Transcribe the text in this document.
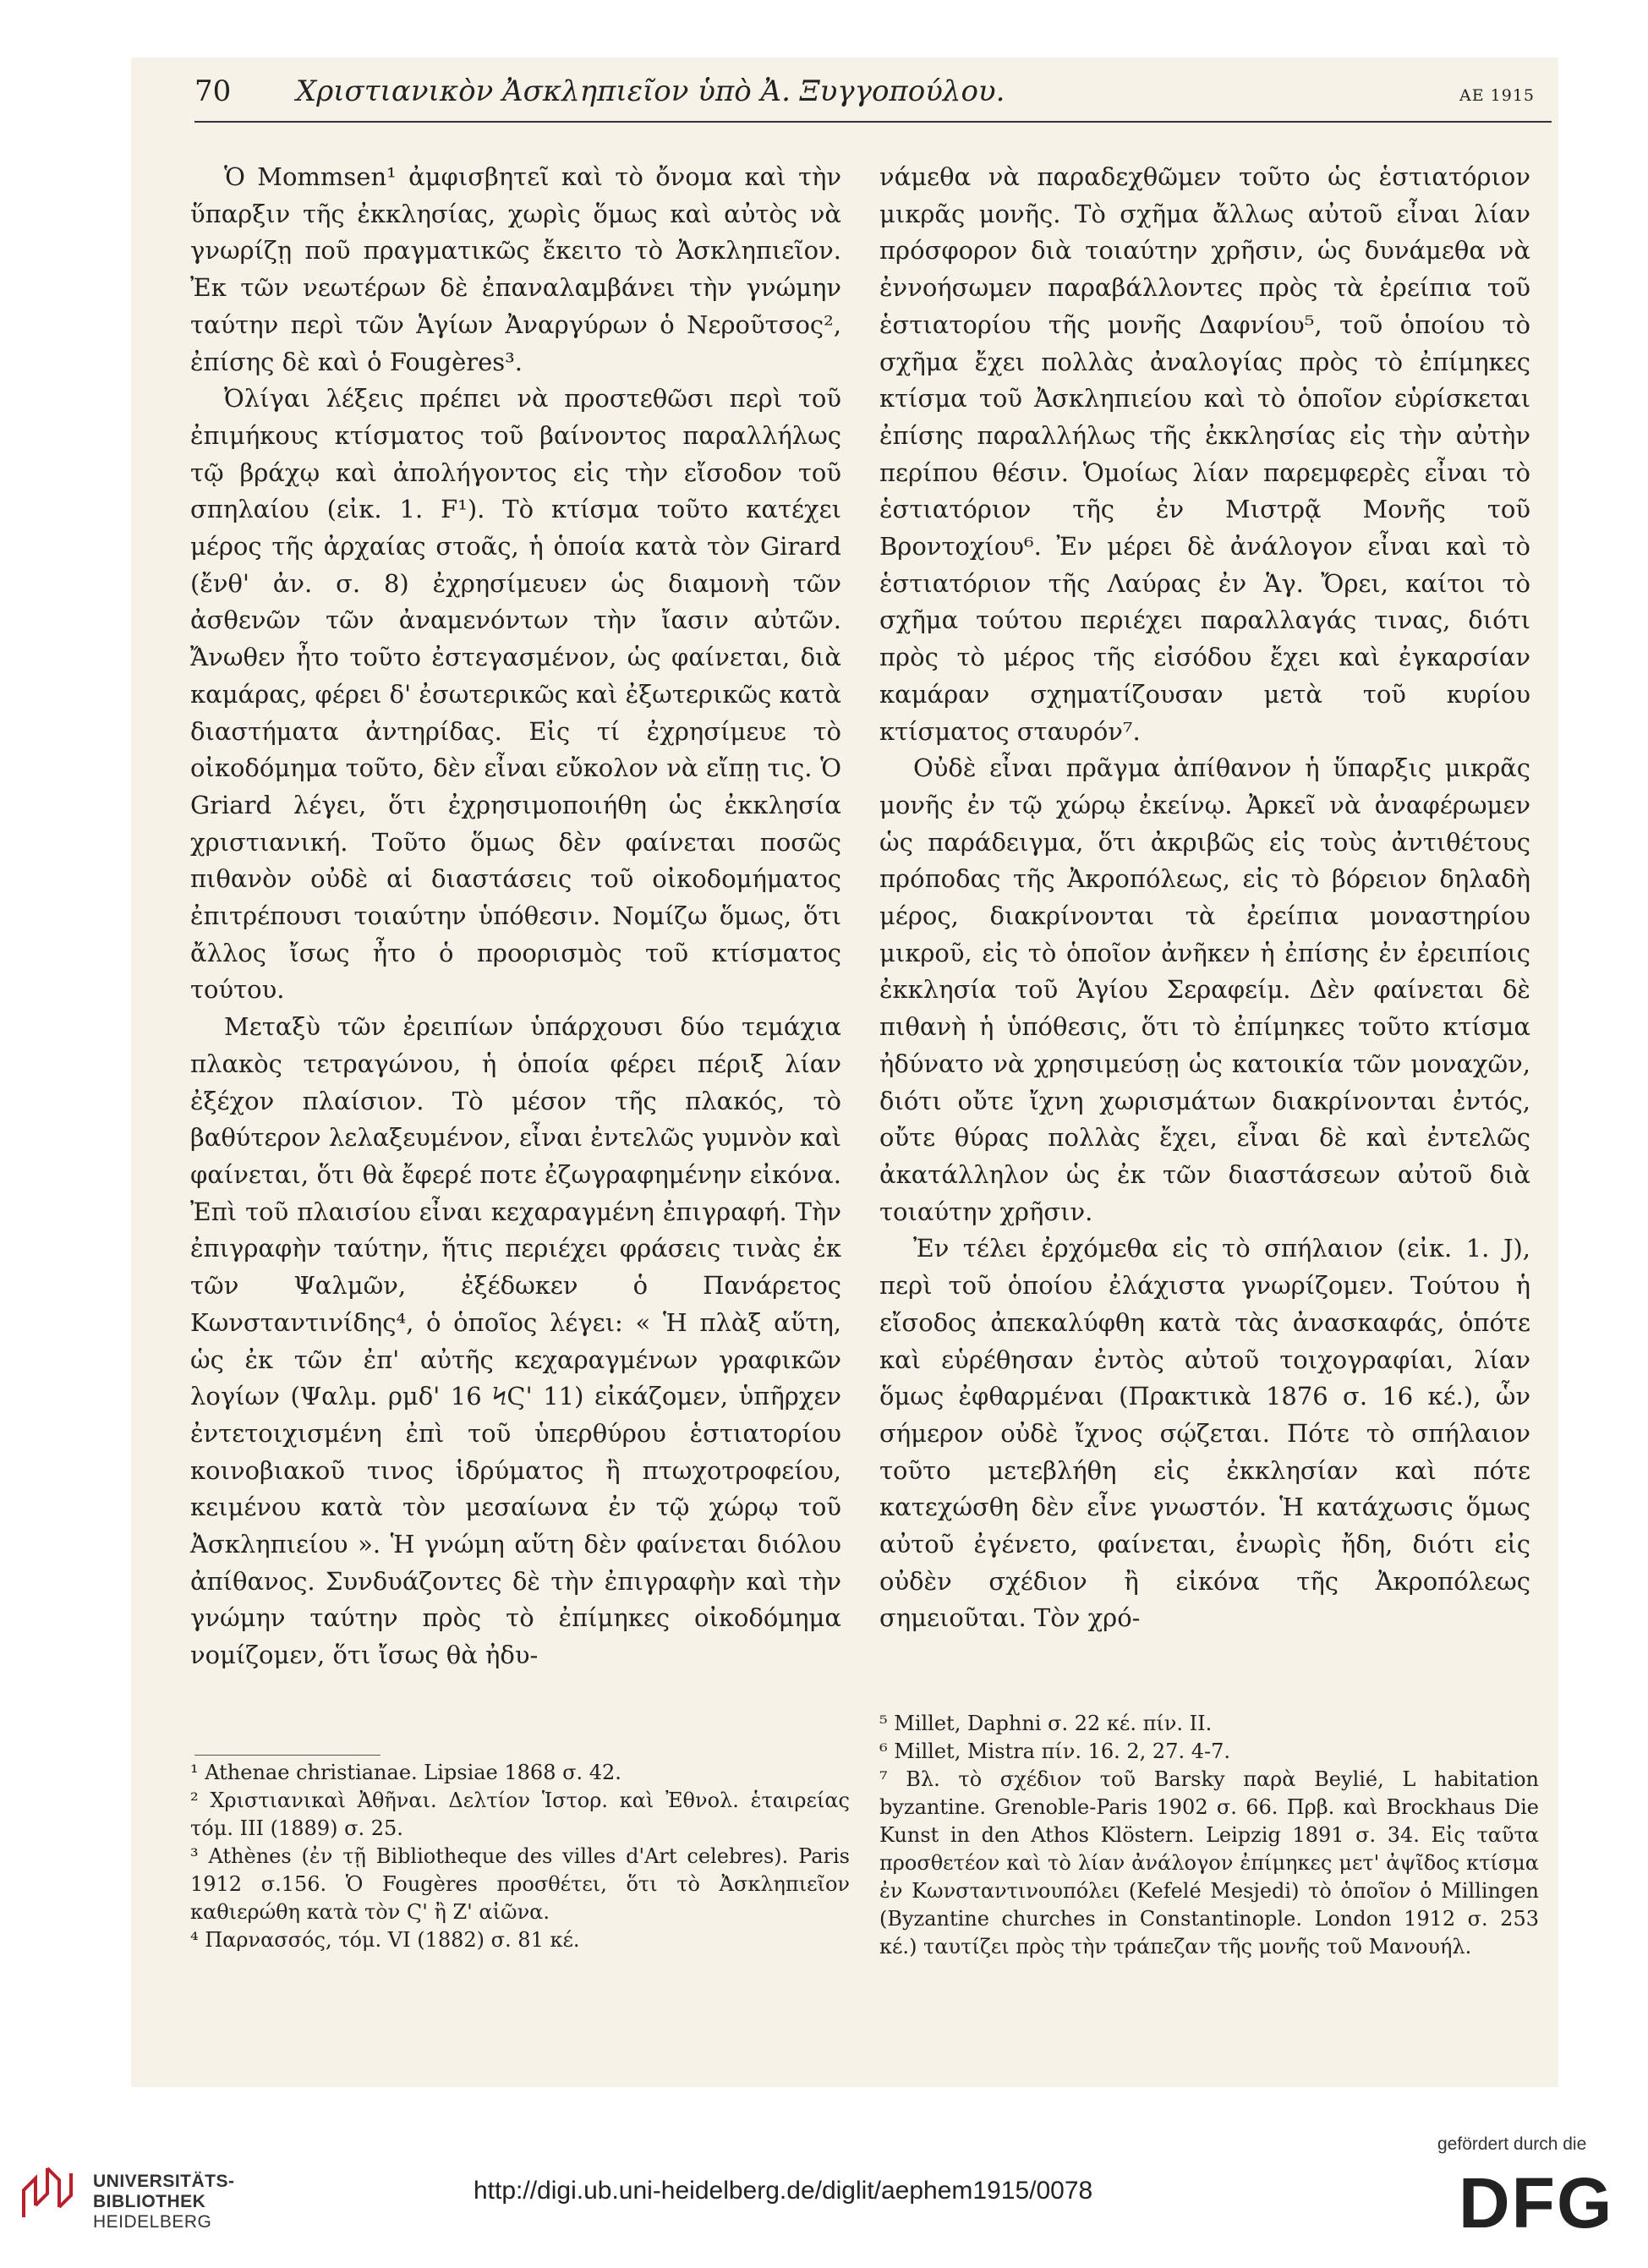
70	Χριστιανικὸν Ἀσκληπιεῖον ὑπὸ Ἀ. Ξυγγοπούλου.	ΑΕ 1915

Ὁ Mommsen¹ ἀμφισβητεῖ καὶ τὸ ὄνομα καὶ τὴν ὕπαρξιν τῆς ἐκκλησίας, χωρὶς ὅμως καὶ αὐτὸς νὰ γνωρίζῃ ποῦ πραγματικῶς ἔκειτο τὸ Ἀσκληπιεῖον. Ἐκ τῶν νεωτέρων δὲ ἐπαναλαμβάνει τὴν γνώμην ταύτην περὶ τῶν Ἁγίων Ἀναργύρων ὁ Νεροῦτσος², ἐπίσης δὲ καὶ ὁ Fougères³.

Ὀλίγαι λέξεις πρέπει νὰ προστεθῶσι περὶ τοῦ ἐπιμήκους κτίσματος τοῦ βαίνοντος παραλλήλως τῷ βράχῳ καὶ ἀπολήγοντος εἰς τὴν εἴσοδον τοῦ σπηλαίου (εἰκ. 1. F¹). Τὸ κτίσμα τοῦτο κατέχει μέρος τῆς ἀρχαίας στοᾶς, ἡ ὁποία κατὰ τὸν Girard (ἔνθ' ἀν. σ. 8) ἐχρησίμευεν ὡς διαμονὴ τῶν ἀσθενῶν τῶν ἀναμενόντων τὴν ἴασιν αὐτῶν. Ἄνωθεν ἦτο τοῦτο ἐστεγασμένον, ὡς φαίνεται, διὰ καμάρας, φέρει δ' ἐσωτερικῶς καὶ ἐξωτερικῶς κατὰ διαστήματα ἀντηρίδας. Εἰς τί ἐχρησίμευε τὸ οἰκοδόμημα τοῦτο, δὲν εἶναι εὔκολον νὰ εἴπῃ τις. Ὁ Griard λέγει, ὅτι ἐχρησιμοποιήθη ὡς ἐκκλησία χριστιανική. Τοῦτο ὅμως δὲν φαίνεται ποσῶς πιθανὸν οὐδὲ αἱ διαστάσεις τοῦ οἰκοδομήματος ἐπιτρέπουσι τοιαύτην ὑπόθεσιν. Νομίζω ὅμως, ὅτι ἄλλος ἴσως ἦτο ὁ προορισμὸς τοῦ κτίσματος τούτου.

Μεταξὺ τῶν ἐρειπίων ὑπάρχουσι δύο τεμάχια πλακὸς τετραγώνου, ἡ ὁποία φέρει πέριξ λίαν ἐξέχον πλαίσιον. Τὸ μέσον τῆς πλακός, τὸ βαθύτερον λελαξευμένον, εἶναι ἐντελῶς γυμνὸν καὶ φαίνεται, ὅτι θὰ ἔφερέ ποτε ἐζωγραφημένην εἰκόνα. Ἐπὶ τοῦ πλαισίου εἶναι κεχαραγμένη ἐπιγραφή. Τὴν ἐπιγραφὴν ταύτην, ἥτις περιέχει φράσεις τινὰς ἐκ τῶν Ψαλμῶν, ἐξέδωκεν ὁ Πανάρετος Κωνσταντινίδης⁴, ὁ ὁποῖος λέγει: « Ἡ πλὰξ αὕτη, ὡς ἐκ τῶν ἐπ' αὐτῆς κεχαραγμένων γραφικῶν λογίων (Ψαλμ. ρμδ' 16 ϞϚ' 11) εἰκάζομεν, ὑπῆρχεν ἐντετοιχισμένη ἐπὶ τοῦ ὑπερθύρου ἑστιατορίου κοινοβιακοῦ τινος ἱδρύματος ἢ πτωχοτροφείου, κειμένου κατὰ τὸν μεσαίωνα ἐν τῷ χώρῳ τοῦ Ἀσκληπιείου ». Ἡ γνώμη αὕτη δὲν φαίνεται διόλου ἀπίθανος. Συνδυάζοντες δὲ τὴν ἐπιγραφὴν καὶ τὴν γνώμην ταύτην πρὸς τὸ ἐπίμηκες οἰκοδόμημα νομίζομεν, ὅτι ἴσως θὰ ἠδυ-

νάμεθα νὰ παραδεχθῶμεν τοῦτο ὡς ἑστιατόριον μικρᾶς μονῆς. Τὸ σχῆμα ἄλλως αὐτοῦ εἶναι λίαν πρόσφορον διὰ τοιαύτην χρῆσιν, ὡς δυνάμεθα νὰ ἐννοήσωμεν παραβάλλοντες πρὸς τὰ ἐρείπια τοῦ ἑστιατορίου τῆς μονῆς Δαφνίου⁵, τοῦ ὁποίου τὸ σχῆμα ἔχει πολλὰς ἀναλογίας πρὸς τὸ ἐπίμηκες κτίσμα τοῦ Ἀσκληπιείου καὶ τὸ ὁποῖον εὑρίσκεται ἐπίσης παραλλήλως τῆς ἐκκλησίας εἰς τὴν αὐτὴν περίπου θέσιν. Ὁμοίως λίαν παρεμφερὲς εἶναι τὸ ἑστιατόριον τῆς ἐν Μιστρᾷ Μονῆς τοῦ Βροντοχίου⁶. Ἐν μέρει δὲ ἀνάλογον εἶναι καὶ τὸ ἑστιατόριον τῆς Λαύρας ἐν Ἁγ. Ὄρει, καίτοι τὸ σχῆμα τούτου περιέχει παραλλαγάς τινας, διότι πρὸς τὸ μέρος τῆς εἰσόδου ἔχει καὶ ἐγκαρσίαν καμάραν σχηματίζουσαν μετὰ τοῦ κυρίου κτίσματος σταυρόν⁷.

Οὐδὲ εἶναι πρᾶγμα ἀπίθανον ἡ ὕπαρξις μικρᾶς μονῆς ἐν τῷ χώρῳ ἐκείνῳ. Ἀρκεῖ νὰ ἀναφέρωμεν ὡς παράδειγμα, ὅτι ἀκριβῶς εἰς τοὺς ἀντιθέτους πρόποδας τῆς Ἀκροπόλεως, εἰς τὸ βόρειον δηλαδὴ μέρος, διακρίνονται τὰ ἐρείπια μοναστηρίου μικροῦ, εἰς τὸ ὁποῖον ἀνῆκεν ἡ ἐπίσης ἐν ἐρειπίοις ἐκκλησία τοῦ Ἁγίου Σεραφείμ. Δὲν φαίνεται δὲ πιθανὴ ἡ ὑπόθεσις, ὅτι τὸ ἐπίμηκες τοῦτο κτίσμα ἠδύνατο νὰ χρησιμεύσῃ ὡς κατοικία τῶν μοναχῶν, διότι οὔτε ἴχνη χωρισμάτων διακρίνονται ἐντός, οὔτε θύρας πολλὰς ἔχει, εἶναι δὲ καὶ ἐντελῶς ἀκατάλληλον ὡς ἐκ τῶν διαστάσεων αὐτοῦ διὰ τοιαύτην χρῆσιν.

Ἐν τέλει ἐρχόμεθα εἰς τὸ σπήλαιον (εἰκ. 1. J), περὶ τοῦ ὁποίου ἐλάχιστα γνωρίζομεν. Τούτου ἡ εἴσοδος ἀπεκαλύφθη κατὰ τὰς ἀνασκαφάς, ὁπότε καὶ εὑρέθησαν ἐντὸς αὐτοῦ τοιχογραφίαι, λίαν ὅμως ἐφθαρμέναι (Πρακτικὰ 1876 σ. 16 κέ.), ὧν σήμερον οὐδὲ ἴχνος σῴζεται. Πότε τὸ σπήλαιον τοῦτο μετεβλήθη εἰς ἐκκλησίαν καὶ πότε κατεχώσθη δὲν εἶνε γνωστόν. Ἡ κατάχωσις ὅμως αὐτοῦ ἐγένετο, φαίνεται, ἐνωρὶς ἤδη, διότι εἰς οὐδὲν σχέδιον ἢ εἰκόνα τῆς Ἀκροπόλεως σημειοῦται. Τὸν χρό-

¹ Athenae christianae. Lipsiae 1868 σ. 42.
² Χριστιανικαὶ Ἀθῆναι. Δελτίον Ἱστορ. καὶ Ἐθνολ. ἑταιρείας τόμ. III (1889) σ. 25.
³ Athènes (ἐν τῇ Bibliotheque des villes d'Art celebres). Paris 1912 σ.156. Ὁ Fougères προσθέτει, ὅτι τὸ Ἀσκληπιεῖον καθιερώθη κατὰ τὸν Ϛ' ἢ Ζ' αἰῶνα.
⁴ Παρνασσός, τόμ. VI (1882) σ. 81 κέ.
⁵ Millet, Daphni σ. 22 κέ. πίν. II.
⁶ Millet, Mistra πίν. 16. 2, 27. 4-7.
⁷ Βλ. τὸ σχέδιον τοῦ Barsky παρὰ Beylié, L habitation byzantine. Grenoble-Paris 1902 σ. 66. Πρβ. καὶ Brockhaus Die Kunst in den Athos Klöstern. Leipzig 1891 σ. 34. Εἰς ταῦτα προσθετέον καὶ τὸ λίαν ἀνάλογον ἐπίμηκες μετ' ἀψῖδος κτίσμα ἐν Κωνσταντινουπόλει (Kefelé Mesjedi) τὸ ὁποῖον ὁ Millingen (Byzantine churches in Constantinople. London 1912 σ. 253 κέ.) ταυτίζει πρὸς τὴν τράπεζαν τῆς μονῆς τοῦ Μανουήλ.
UNIVERSITÄTS-
BIBLIOTHEK
HEIDELBERG
http://digi.ub.uni-heidelberg.de/diglit/aephem1915/0078
gefördert durch die
DFG
